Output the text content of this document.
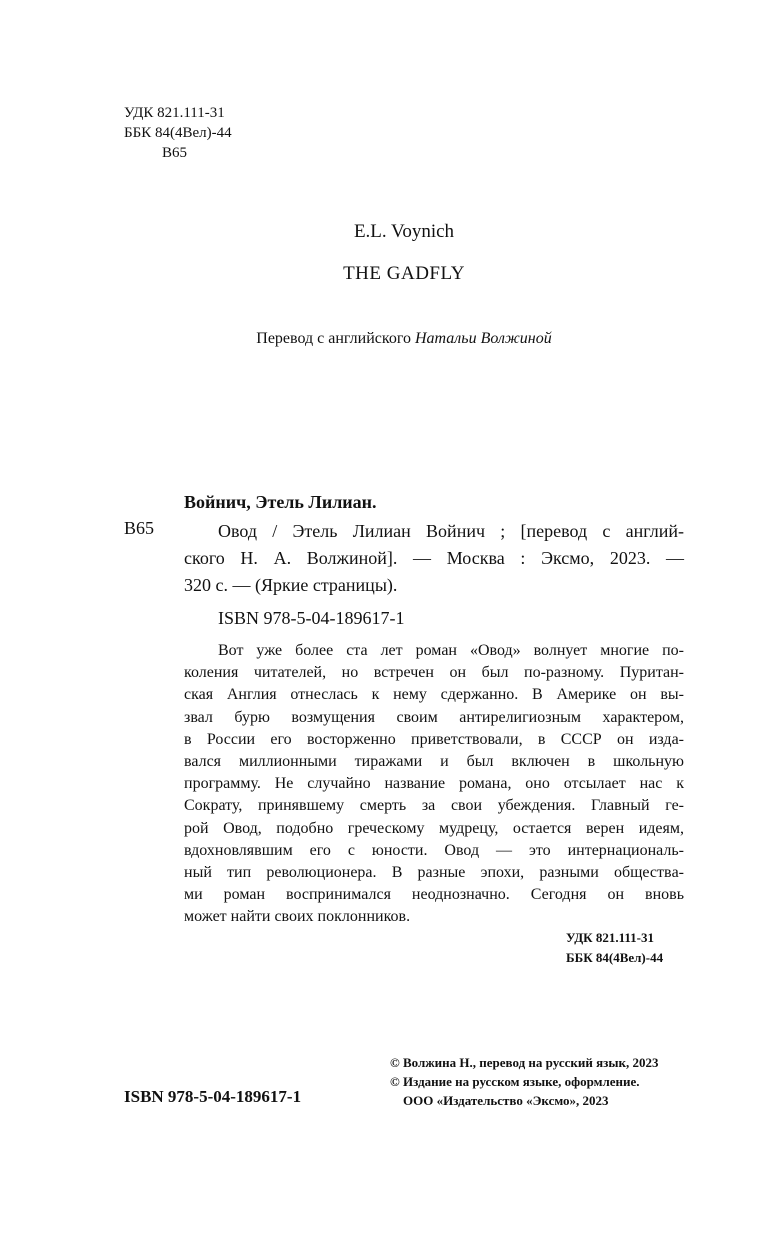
УДК 821.111-31
ББК 84(4Вел)-44
В65
E.L. Voynich
THE GADFLY
Перевод с английского Натальи Волжиной
Войнич, Этель Лилиан.
В65	Овод / Этель Лилиан Войнич ; [перевод с англий-
ского Н. А. Волжиной]. — Москва : Эксмо, 2023. —
320 с. — (Яркие страницы).
ISBN 978-5-04-189617-1
Вот уже более ста лет роман «Овод» волнует многие по-
коления читателей, но встречен он был по-разному. Пуритан-
ская Англия отнеслась к нему сдержанно. В Америке он вы-
звал бурю возмущения своим антирелигиозным характером,
в России его восторженно приветствовали, в СССР он изда-
вался миллионными тиражами и был включен в школьную
программу. Не случайно название романа, оно отсылает нас к
Сократу, принявшему смерть за свои убеждения. Главный ге-
рой Овод, подобно греческому мудрецу, остается верен идеям,
вдохновлявшим его с юности. Овод — это интернациональ-
ный тип революционера. В разные эпохи, разными обществa-
ми роман воспринимался неоднозначно. Сегодня он вновь
может найти своих поклонников.
УДК 821.111-31
ББК 84(4Вел)-44
© Волжина Н., перевод на русский язык, 2023
© Издание на русском языке, оформление.
ООО «Издательство «Эксмо», 2023
ISBN 978-5-04-189617-1
